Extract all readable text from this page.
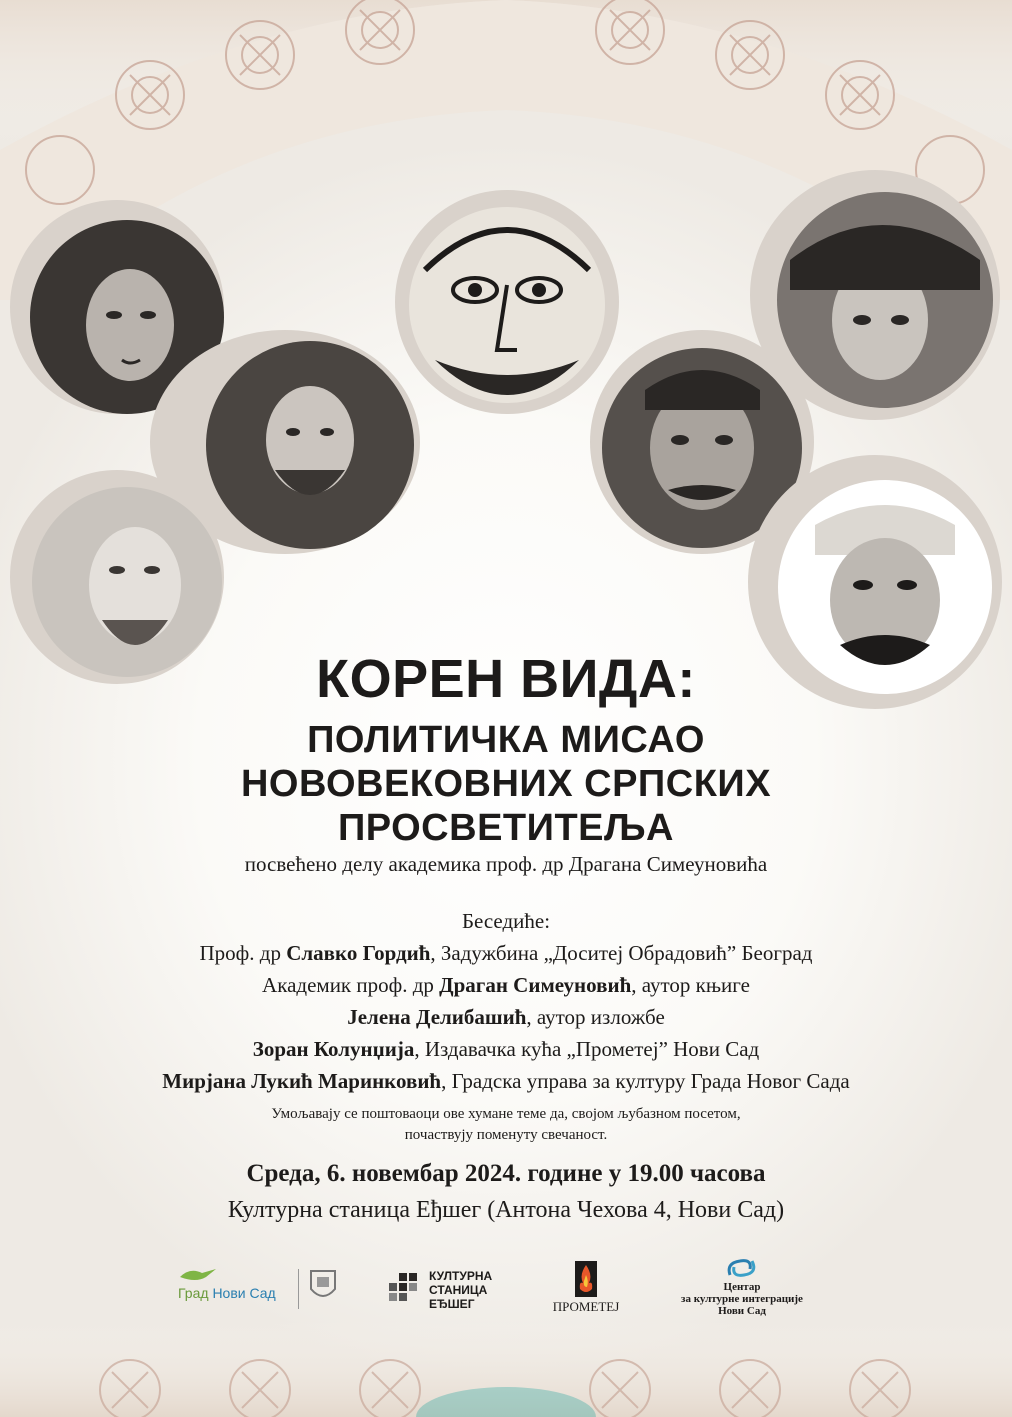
КОРЕН ВИДА:
ПОЛИТИЧКА МИСАО
НОВОВЕКОВНИХ СРПСКИХ
ПРОСВЕТИТЕЉА
посвећено делу академика проф. др Драгана Симеуновића
Беседиће:
Проф. др Славко Гордић, Задужбина „Доситеј Обрадовић” Београд
Академик проф. др Драган Симеуновић, аутор књиге
Јелена Делибашић, аутор изложбе
Зоран Колунџија, Издавачка кућа „Прометеј” Нови Сад
Мирјана Лукић Маринковић, Градска управа за културу Града Новог Сада
Умољавају се поштоваоци ове хумане теме да, својом љубазном посетом,
почаствују поменуту свечаност.
Среда, 6. новембар 2024. године у 19.00 часова
Културна станица Еђшег (Антона Чехова 4, Нови Сад)
Град Нови Сад
КУЛТУРНА
СТАНИЦА
ЕЂШЕГ	ПРОМЕТЕЈ
Центар
за културне интеграције
Нови Сад
